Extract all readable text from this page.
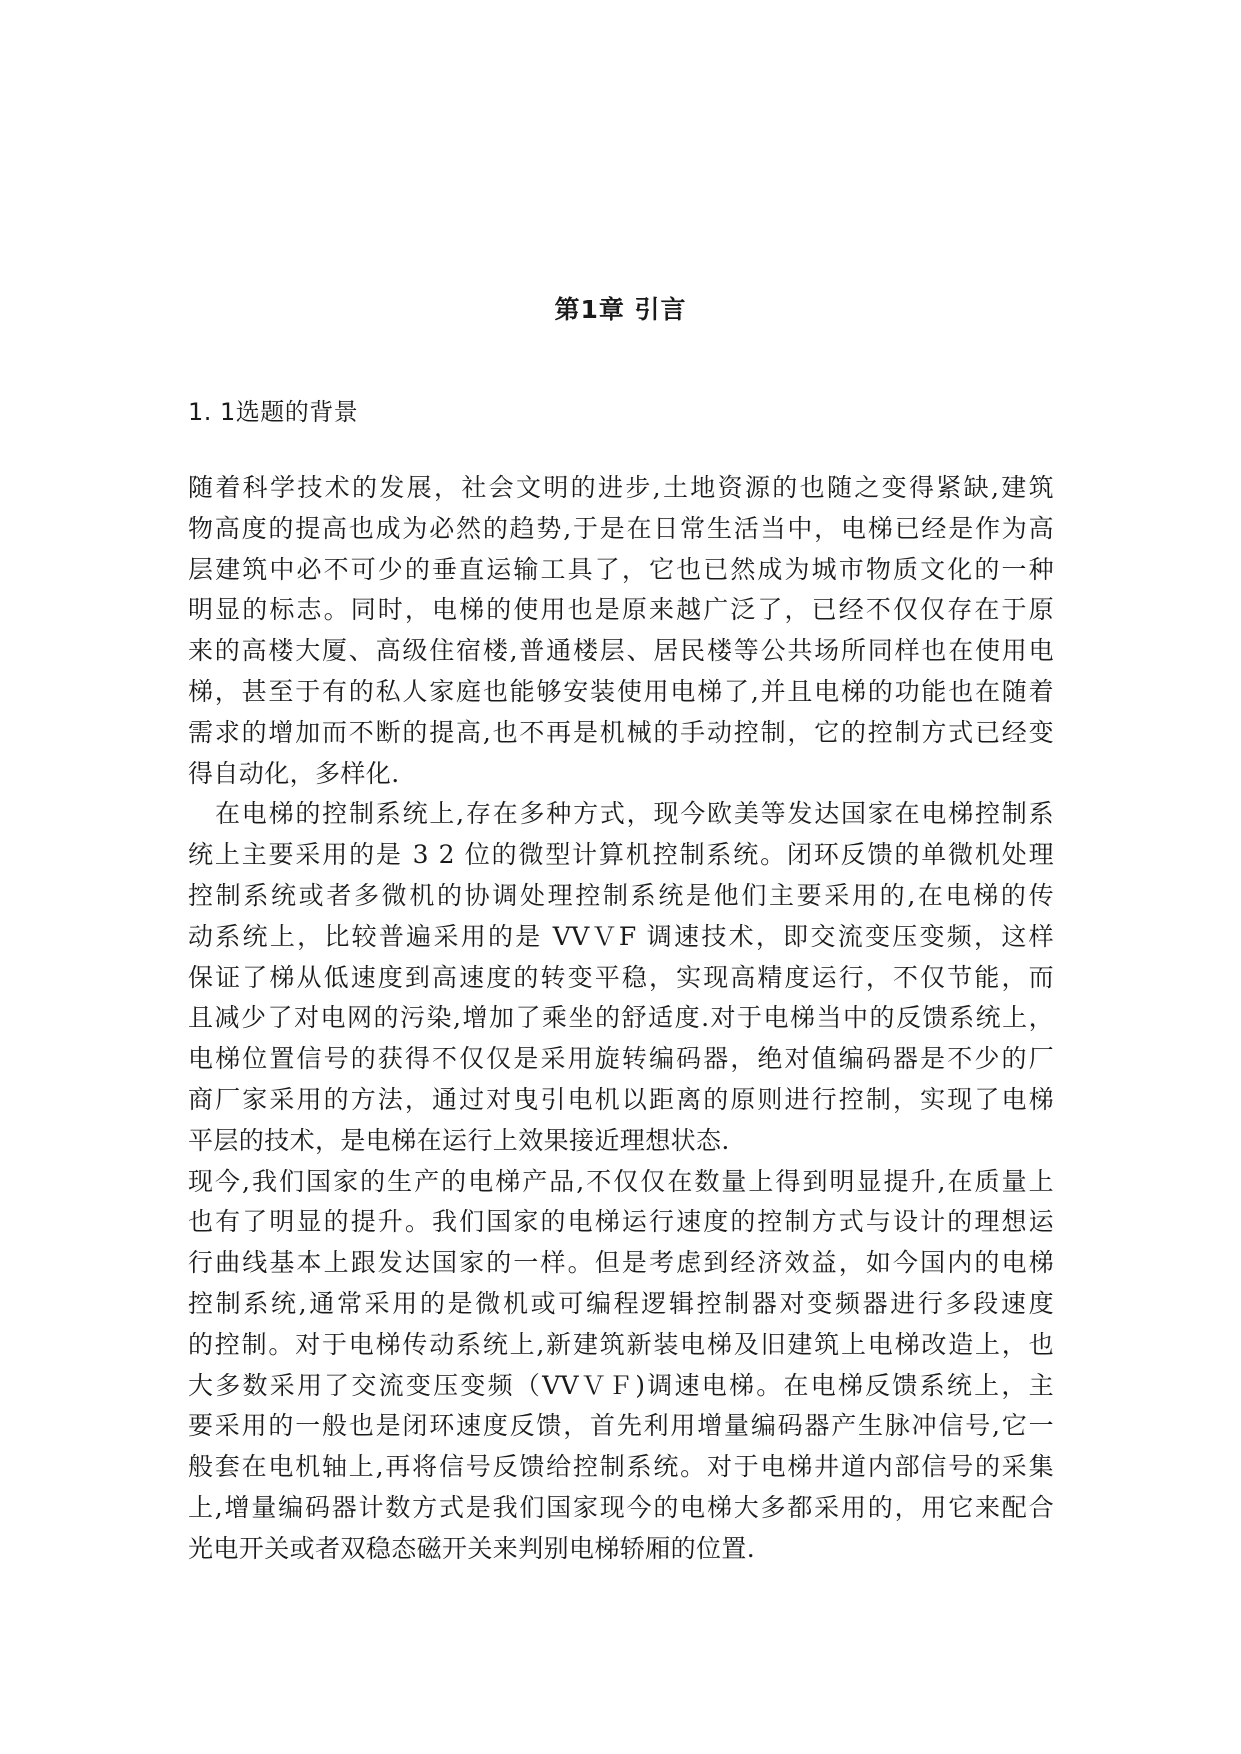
第1章 引言
1. 1选题的背景
随着科学技术的发展，社会文明的进步,土地资源的也随之变得紧缺,建筑
物高度的提高也成为必然的趋势,于是在日常生活当中，电梯已经是作为高
层建筑中必不可少的垂直运输工具了，它也已然成为城市物质文化的一种
明显的标志。同时，电梯的使用也是原来越广泛了，已经不仅仅存在于原
来的高楼大厦、高级住宿楼,普通楼层、居民楼等公共场所同样也在使用电
梯，甚至于有的私人家庭也能够安装使用电梯了,并且电梯的功能也在随着
需求的增加而不断的提高,也不再是机械的手动控制，它的控制方式已经变
得自动化，多样化.
在电梯的控制系统上,存在多种方式，现今欧美等发达国家在电梯控制系
统上主要采用的是 3 2 位的微型计算机控制系统。闭环反馈的单微机处理
控制系统或者多微机的协调处理控制系统是他们主要采用的,在电梯的传
动系统上，比较普遍采用的是 VVＶF 调速技术，即交流变压变频，这样
保证了梯从低速度到高速度的转变平稳，实现高精度运行，不仅节能，而
且减少了对电网的污染,增加了乘坐的舒适度.对于电梯当中的反馈系统上，
电梯位置信号的获得不仅仅是采用旋转编码器，绝对值编码器是不少的厂
商厂家采用的方法，通过对曳引电机以距离的原则进行控制，实现了电梯
平层的技术，是电梯在运行上效果接近理想状态.
现今,我们国家的生产的电梯产品,不仅仅在数量上得到明显提升,在质量上
也有了明显的提升。我们国家的电梯运行速度的控制方式与设计的理想运
行曲线基本上跟发达国家的一样。但是考虑到经济效益，如今国内的电梯
控制系统,通常采用的是微机或可编程逻辑控制器对变频器进行多段速度
的控制。对于电梯传动系统上,新建筑新装电梯及旧建筑上电梯改造上，也
大多数采用了交流变压变频（VVＶＦ)调速电梯。在电梯反馈系统上，主
要采用的一般也是闭环速度反馈，首先利用增量编码器产生脉冲信号,它一
般套在电机轴上,再将信号反馈给控制系统。对于电梯井道内部信号的采集
上,增量编码器计数方式是我们国家现今的电梯大多都采用的，用它来配合
光电开关或者双稳态磁开关来判别电梯轿厢的位置.
